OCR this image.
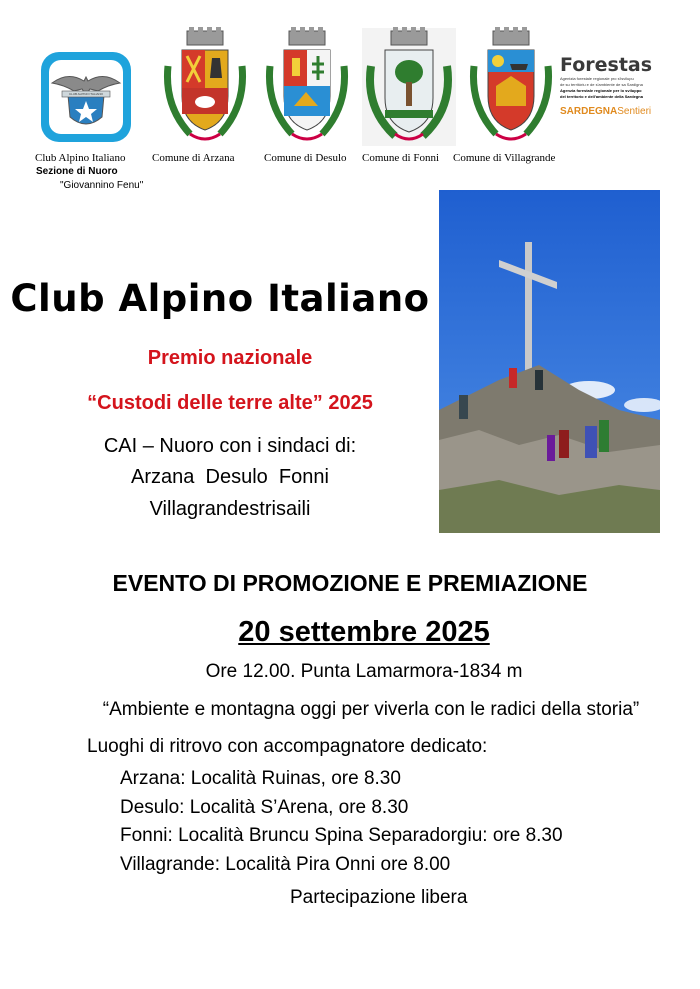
CLUB ALPINO ITALIANO
Club Alpino Italiano
Sezione di Nuoro
"Giovannino Fenu"
Comune di Arzana	Comune di Desulo Comune di Fonni Comune di Villagrande
Forestas
Agentzia forestale regionale pro s'isvilupu
de su territòriu e de s'ambiente de sa Sardigna
Agenzia forestale regionale per lo sviluppo
del territorio e dell'ambiente della Sardegna
SARDEGNASentieri
Club Alpino Italiano
Premio nazionale
“Custodi delle terre alte” 2025
CAI – Nuoro con i sindaci di:
Arzana  Desulo  Fonni
Villagrandestrisaili
EVENTO DI PROMOZIONE E PREMIAZIONE
20 settembre 2025
Ore 12.00. Punta Lamarmora-1834 m
“Ambiente e montagna oggi per viverla con le radici della storia”
Luoghi di ritrovo con accompagnatore dedicato:
Arzana: Località Ruinas, ore 8.30
Desulo: Località S’Arena, ore 8.30
Fonni: Località Bruncu Spina Separadorgiu: ore 8.30
Villagrande: Località Pira Onni ore 8.00
Partecipazione libera
